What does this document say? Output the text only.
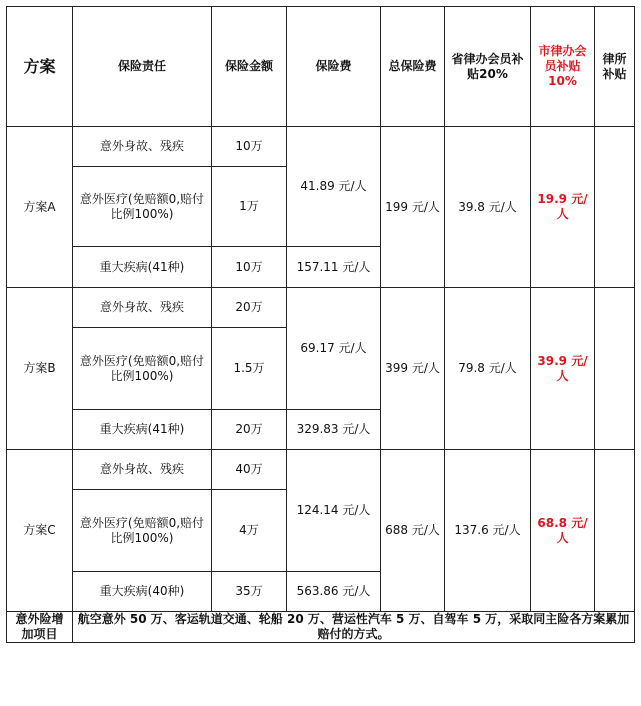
方案	保险责任	保险金额	保险费	总保险费	省律办会员补贴20%	市律办会员补贴10%	律所补贴
方案A	意外身故、残疾	10万	41.89 元/人	199 元/人	39.8 元/人	19.9 元/人	
	意外医疗(免赔额0,赔付比例100%)	1万					
	重大疾病(41种)	10万	157.11 元/人				
方案B	意外身故、残疾	20万	69.17 元/人	399 元/人	79.8 元/人	39.9 元/人	
	意外医疗(免赔额0,赔付比例100%)	1.5万					
	重大疾病(41种)	20万	329.83 元/人				
方案C	意外身故、残疾	40万	124.14 元/人	688 元/人	137.6 元/人	68.8 元/人	
	意外医疗(免赔额0,赔付比例100%)	4万					
	重大疾病(40种)	35万	563.86 元/人				
意外险增加项目	航空意外 50 万、客运轨道交通、轮船 20 万、营运性汽车 5 万、自驾车 5 万，采取同主险各方案累加赔付的方式。						
